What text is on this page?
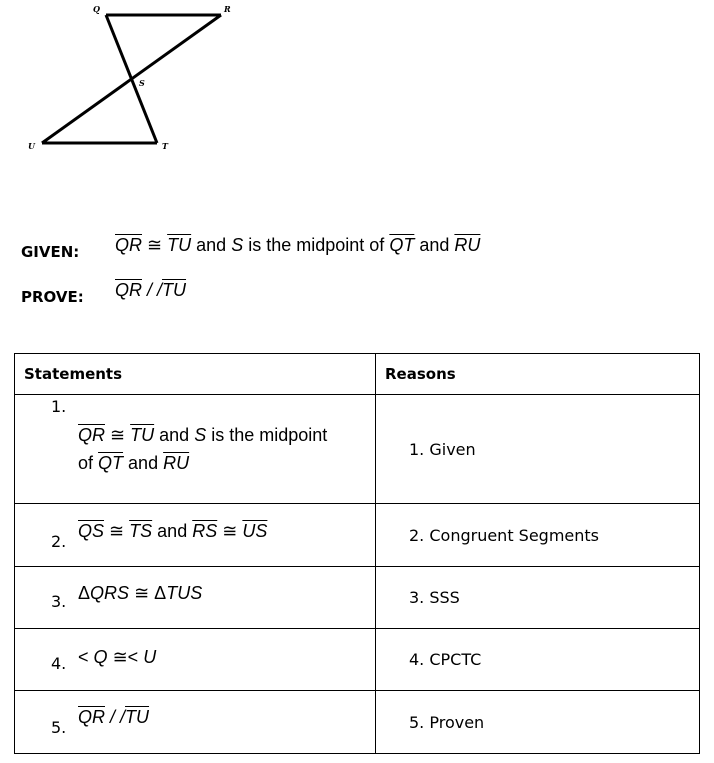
Q	R
S
U	T
GIVEN:	$\overline{QR}$ ≅ $\overline{TU}$ and S is the midpoint of $\overline{QT}$ and $\overline{RU}$
PROVE:	$\overline{QR} / /\overline{TU}$
Statements	Reasons

1.
$\overline{QR}$ ≅ $\overline{TU}$ and S is the midpoint
of $\overline{QT}$ and $\overline{RU}$	1. Given

2.
$\overline{QS}$ ≅ $\overline{TS}$ and $\overline{RS}$ ≅ $\overline{US}$	2. Congruent Segments

3. ΔQRS ≅ ΔTUS	3. SSS

4. < Q ≅< U	4. CPCTC

5.
$\overline{QR} / /\overline{TU}$	5. Proven
